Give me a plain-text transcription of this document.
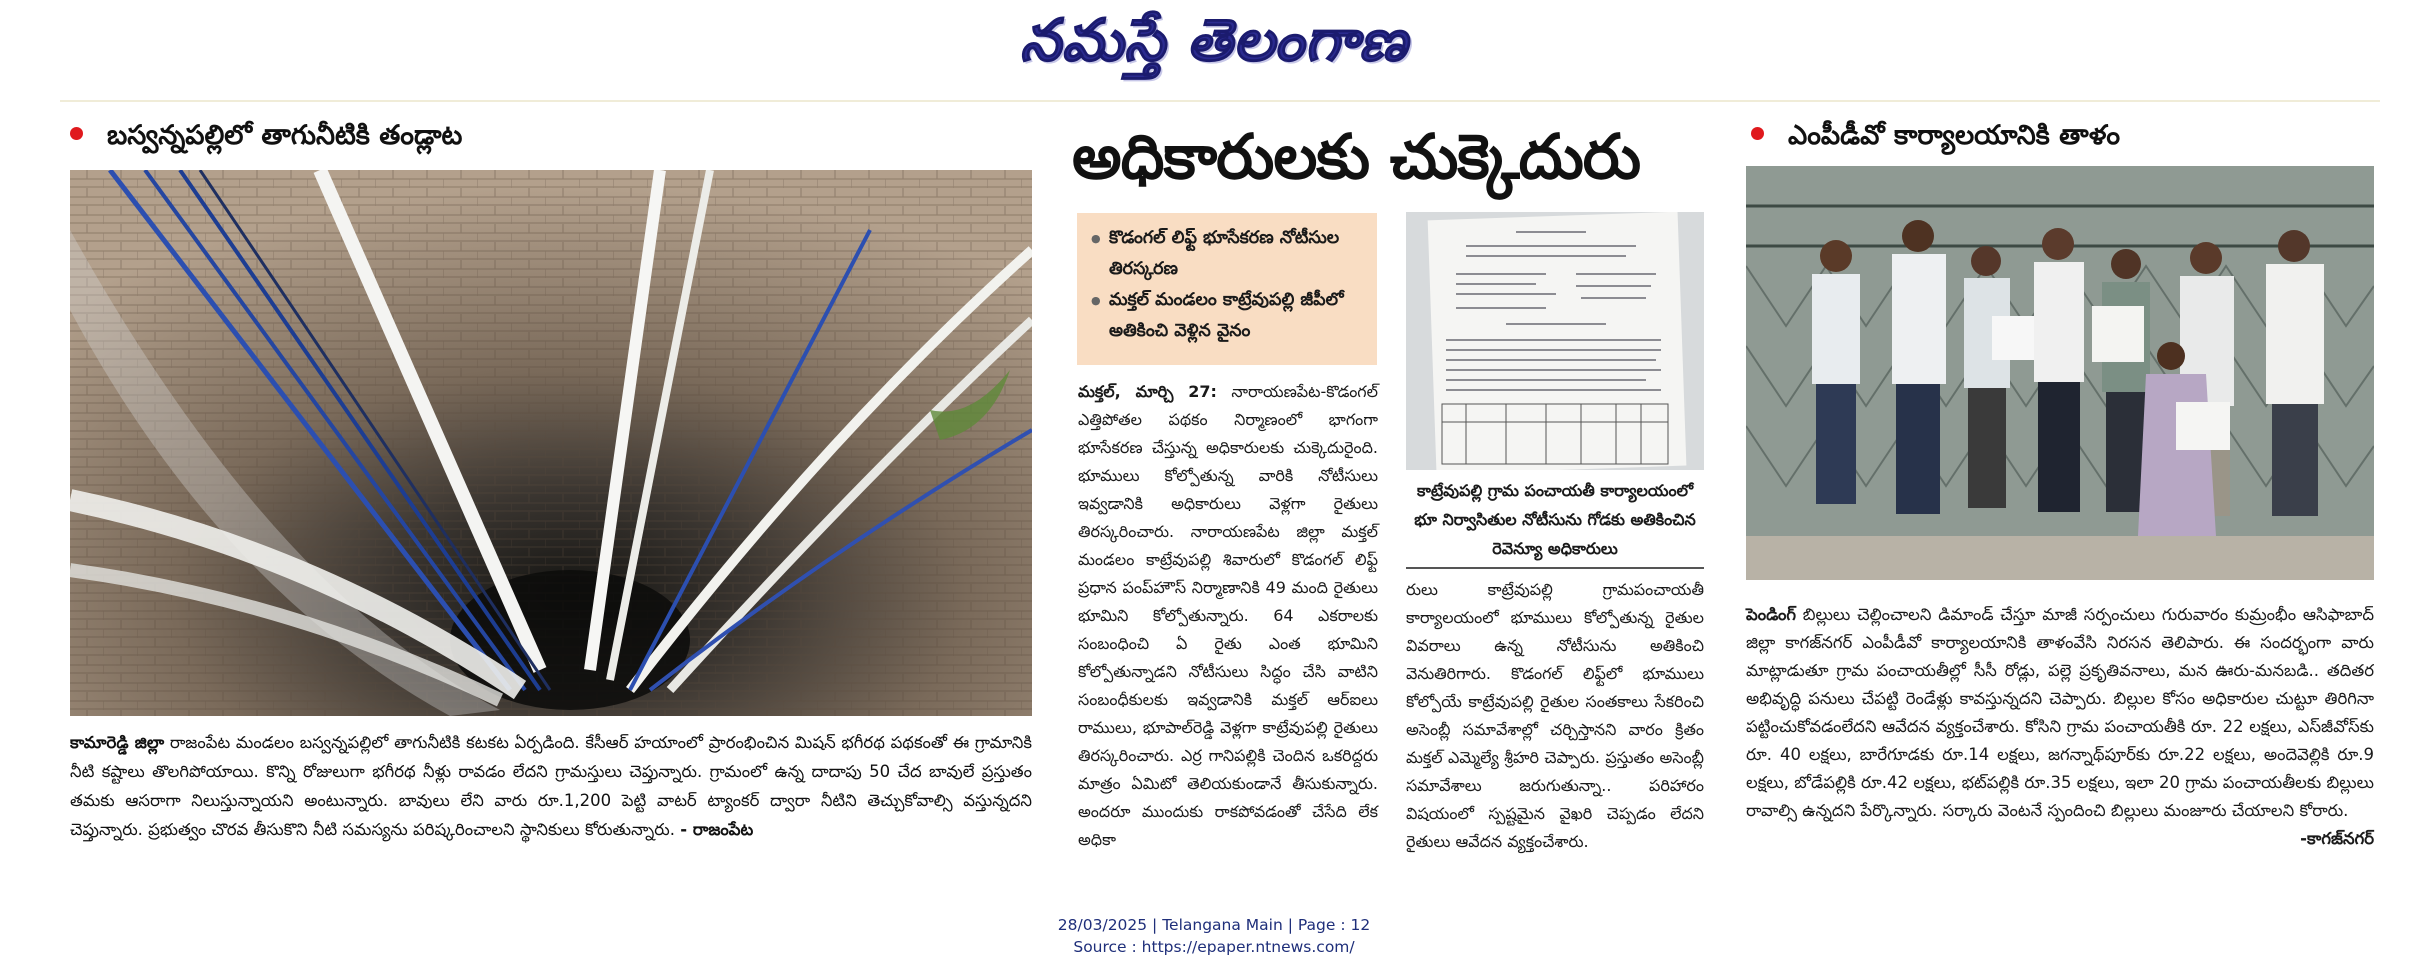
నమస్తే తెలంగాణ
బస్వన్నపల్లిలో తాగునీటికి తండ్లాట
కామారెడ్డి జిల్లా రాజంపేట మండలం బస్వన్నపల్లిలో తాగునీటికి కటకట ఏర్పడింది. కేసీఆర్ హయాంలో ప్రారంభించిన మిషన్ భగీరథ పథకంతో ఈ గ్రామానికి నీటి కష్టాలు తొలగిపోయాయి. కొన్ని రోజులుగా భగీరథ నీళ్లు రావడం లేదని గ్రామస్తులు చెప్తున్నారు. గ్రామంలో ఉన్న దాదాపు 50 చేద బావులే ప్రస్తుతం తమకు ఆసరాగా నిలుస్తున్నాయని అంటున్నారు. బావులు లేని వారు రూ.1,200 పెట్టి వాటర్ ట్యాంకర్ ద్వారా నీటిని తెచ్చుకోవాల్సి వస్తున్నదని చెప్తున్నారు. ప్రభుత్వం చొరవ తీసుకొని నీటి సమస్యను పరిష్కరించాలని స్థానికులు కోరుతున్నారు. - రాజంపేట
అధికారులకు చుక్కెదురు
● కొడంగల్ లిఫ్ట్ భూసేకరణ నోటీసుల తిరస్కరణ
● మక్తల్ మండలం కాట్రేవుపల్లి జీపీలో అతికించి వెళ్లిన వైనం
మక్తల్, మార్చి 27: నారాయణపేట-కొడంగల్ ఎత్తిపోతల పథకం నిర్మాణంలో భాగంగా భూసేకరణ చేస్తున్న అధికారులకు చుక్కెదురైంది. భూములు కోల్పోతున్న వారికి నోటీసులు ఇవ్వడానికి అధికారులు వెళ్లగా రైతులు తిరస్కరించారు. నారాయణపేట జిల్లా మక్తల్ మండలం కాట్రేవుపల్లి శివారులో కొడంగల్ లిఫ్ట్ ప్రధాన పంప్‌హౌస్ నిర్మాణానికి 49 మంది రైతులు భూమిని కోల్పోతున్నారు. 64 ఎకరాలకు సంబంధించి ఏ రైతు ఎంత భూమిని కోల్పోతున్నాడని నోటీసులు సిద్ధం చేసి వాటిని సంబంధీకులకు ఇవ్వడానికి మక్తల్ ఆర్ఐలు రాములు, భూపాల్‌రెడ్డి వెళ్లగా కాట్రేవుపల్లి రైతులు తిరస్కరించారు. ఎర్ర గానిపల్లికి చెందిన ఒకరిద్దరు మాత్రం ఏమిటో తెలియకుండానే తీసుకున్నారు. అందరూ ముందుకు రాకపోవడంతో చేసేది లేక అధికా
కాట్రేవుపల్లి గ్రామ పంచాయతీ కార్యాలయంలో భూ నిర్వాసితుల నోటీసును గోడకు అతికించిన రెవెన్యూ అధికారులు
రులు కాట్రేవుపల్లి గ్రామపంచాయతీ కార్యాలయంలో భూములు కోల్పోతున్న రైతుల వివరాలు ఉన్న నోటీసును అతికించి వెనుతిరిగారు. కొడంగల్ లిఫ్ట్‌లో భూములు కోల్పోయే కాట్రేవుపల్లి రైతుల సంతకాలు సేకరించి అసెంబ్లీ సమావేశాల్లో చర్చిస్తానని వారం క్రితం మక్తల్ ఎమ్మెల్యే శ్రీహరి చెప్పారు. ప్రస్తుతం అసెంబ్లీ సమావేశాలు జరుగుతున్నా.. పరిహారం విషయంలో స్పష్టమైన వైఖరి చెప్పడం లేదని రైతులు ఆవేదన వ్యక్తంచేశారు.
ఎంపీడీవో కార్యాలయానికి తాళం
పెండింగ్ బిల్లులు చెల్లించాలని డిమాండ్ చేస్తూ మాజీ సర్పంచులు గురువారం కుమ్రంభీం ఆసిఫాబాద్ జిల్లా కాగజ్‌నగర్ ఎంపీడీవో కార్యాలయానికి తాళంవేసి నిరసన తెలిపారు. ఈ సందర్భంగా వారు మాట్లాడుతూ గ్రామ పంచాయతీల్లో సీసీ రోడ్లు, పల్లె ప్రకృతివనాలు, మన ఊరు-మనబడి.. తదితర అభివృద్ధి పనులు చేపట్టి రెండేళ్లు కావస్తున్నదని చెప్పారు. బిల్లుల కోసం అధికారుల చుట్టూ తిరిగినా పట్టించుకోవడంలేదని ఆవేదన వ్యక్తంచేశారు. కోసిని గ్రామ పంచాయతీకి రూ. 22 లక్షలు, ఎస్‌జీవోస్‌కు రూ. 40 లక్షలు, బారేగూడకు రూ.14 లక్షలు, జగన్నాథ్‌పూర్‌కు రూ.22 లక్షలు, అందెవెల్లికి రూ.9 లక్షలు, బోడేపల్లికి రూ.42 లక్షలు, భట్‌పల్లికి రూ.35 లక్షలు, ఇలా 20 గ్రామ పంచాయతీలకు బిల్లులు రావాల్సి ఉన్నదని పేర్కొన్నారు. సర్కారు వెంటనే స్పందించి బిల్లులు మంజూరు చేయాలని కోరారు.
-కాగజ్‌నగర్
28/03/2025 | Telangana Main | Page : 12
Source : https://epaper.ntnews.com/
